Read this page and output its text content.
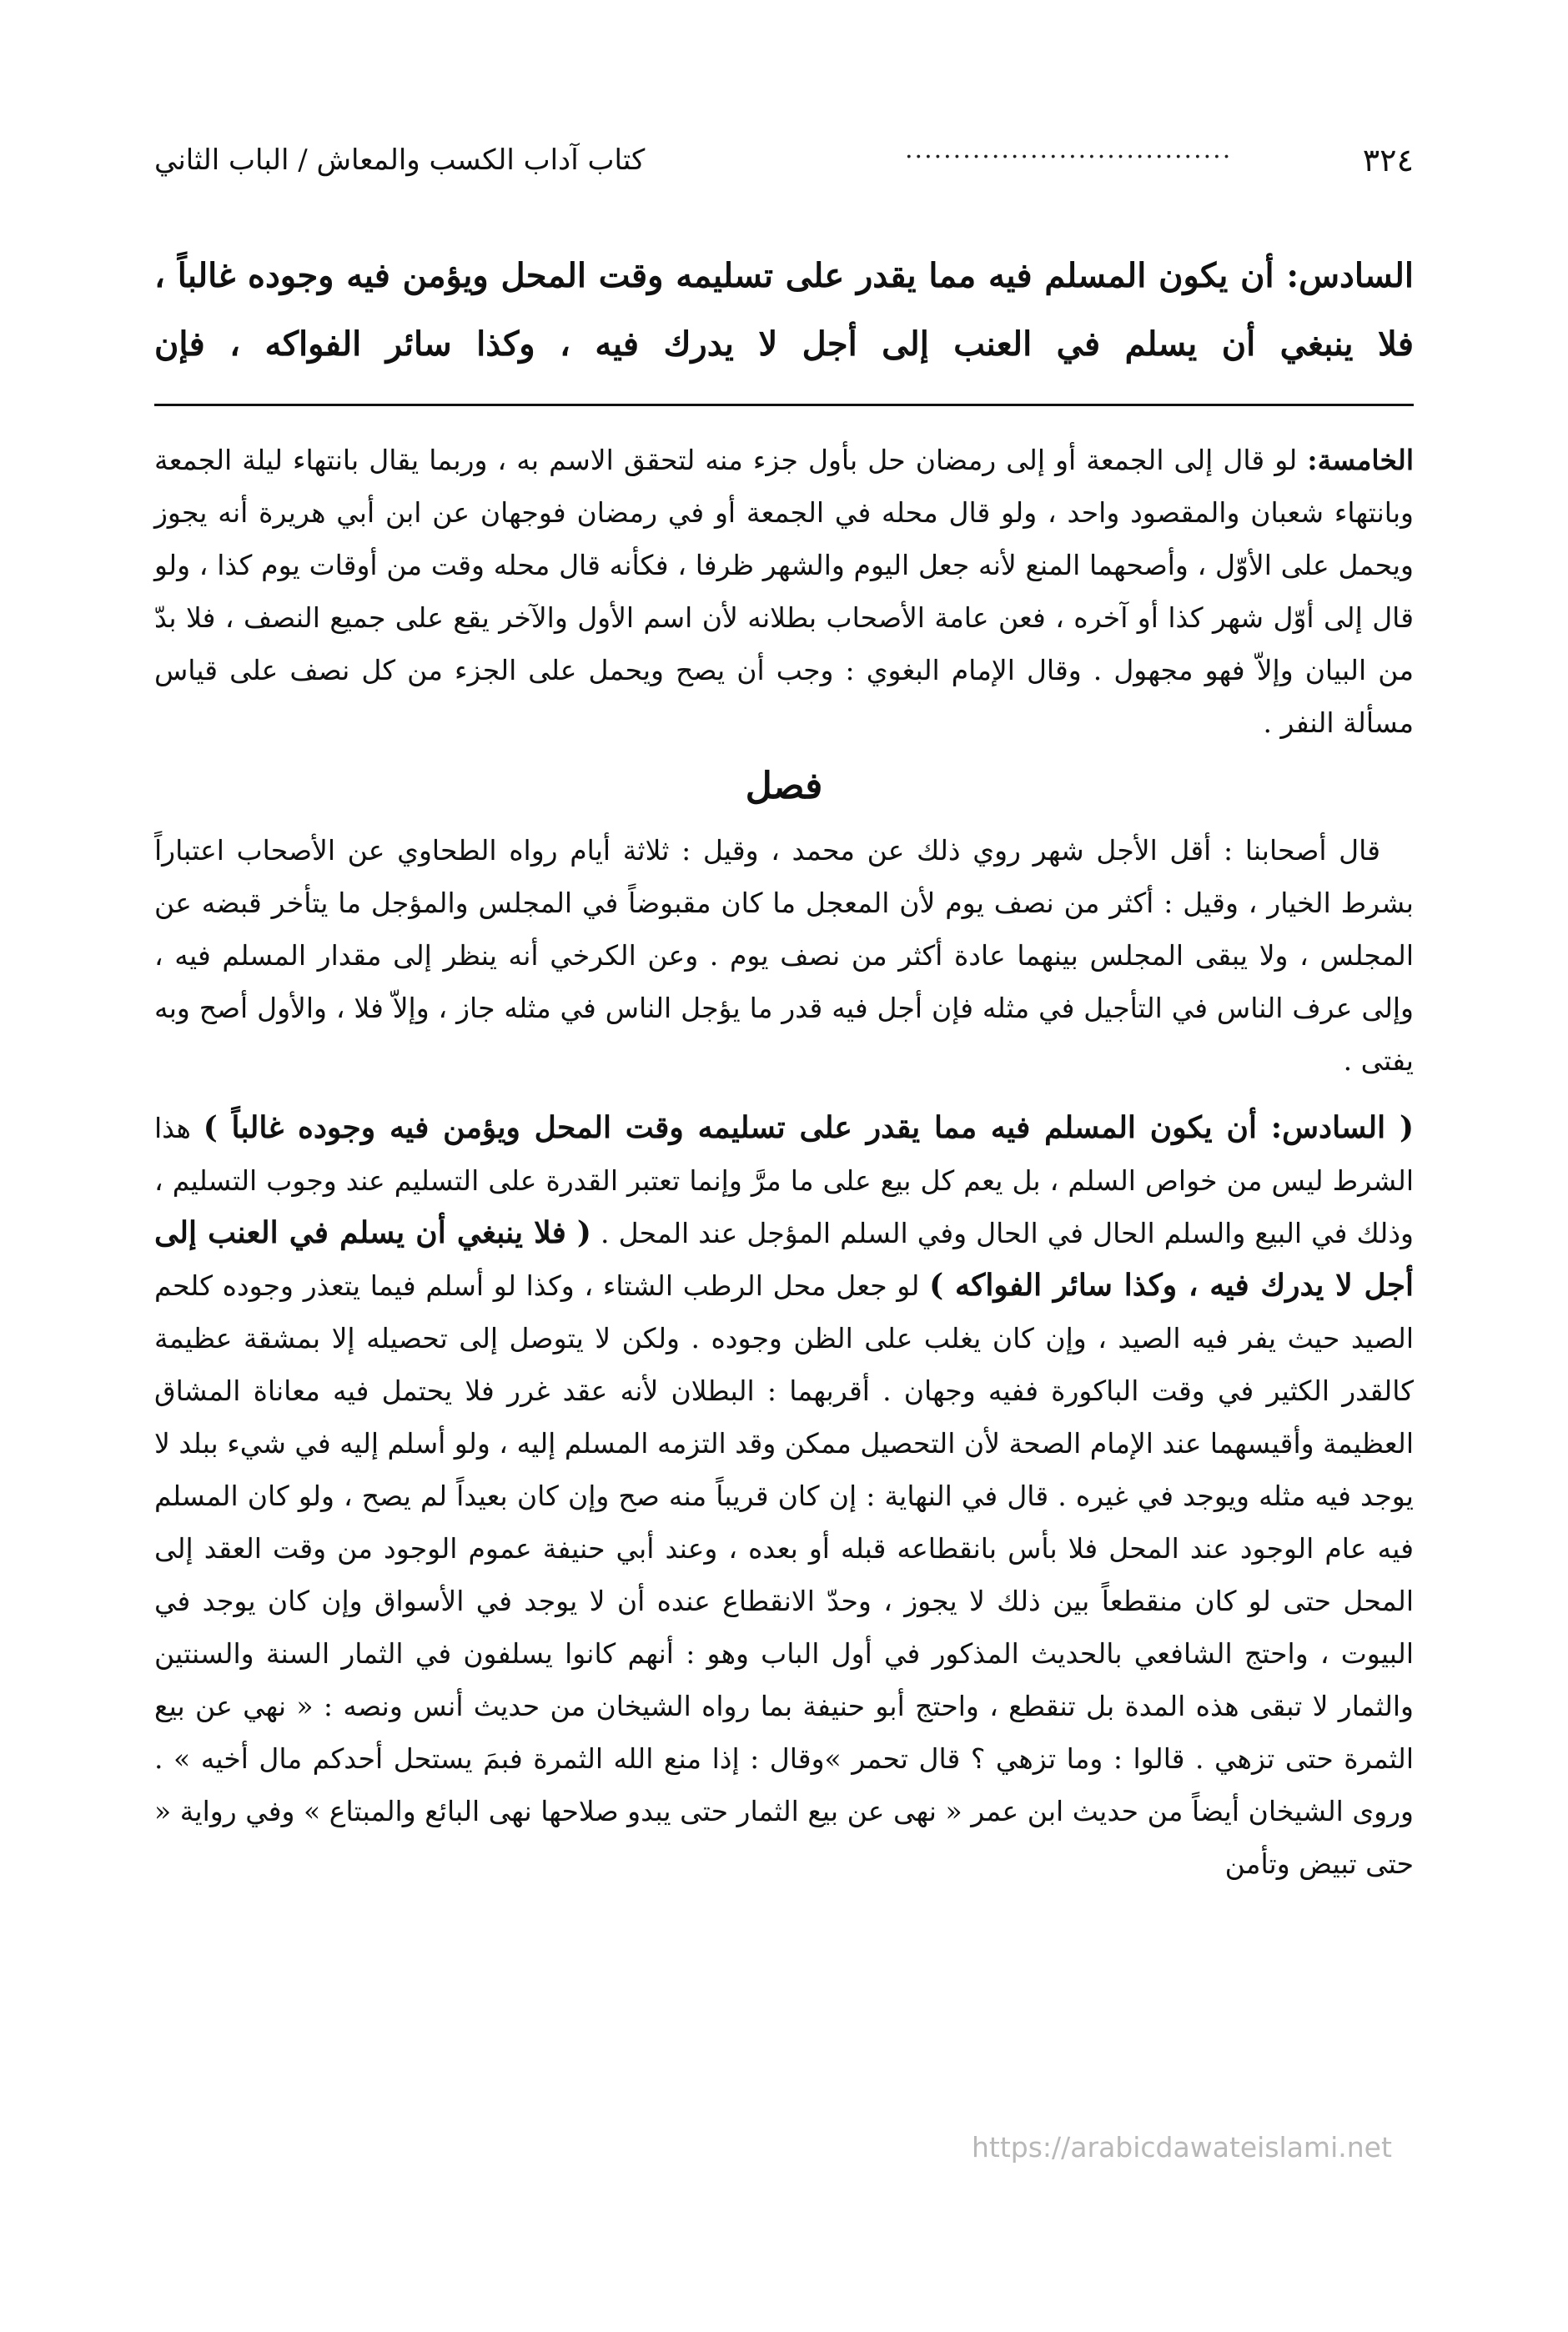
٣٢٤
..................................
كتاب آداب الكسب والمعاش / الباب الثاني

السادس: أن يكون المسلم فيه مما يقدر على تسليمه وقت المحل ويؤمن فيه وجوده غالباً ، فلا ينبغي أن يسلم في العنب إلى أجل لا يدرك فيه ، وكذا سائر الفواكه ، فإن

الخامسة: لو قال إلى الجمعة أو إلى رمضان حل بأول جزء منه لتحقق الاسم به ، وربما يقال بانتهاء ليلة الجمعة وبانتهاء شعبان والمقصود واحد ، ولو قال محله في الجمعة أو في رمضان فوجهان عن ابن أبي هريرة أنه يجوز ويحمل على الأوّل ، وأصحهما المنع لأنه جعل اليوم والشهر ظرفا ، فكأنه قال محله وقت من أوقات يوم كذا ، ولو قال إلى أوّل شهر كذا أو آخره ، فعن عامة الأصحاب بطلانه لأن اسم الأول والآخر يقع على جميع النصف ، فلا بدّ من البيان وإلاّ فهو مجهول . وقال الإمام البغوي : وجب أن يصح ويحمل على الجزء من كل نصف على قياس مسألة النفر .

فصل

قال أصحابنا : أقل الأجل شهر روي ذلك عن محمد ، وقيل : ثلاثة أيام رواه الطحاوي عن الأصحاب اعتباراً بشرط الخيار ، وقيل : أكثر من نصف يوم لأن المعجل ما كان مقبوضاً في المجلس والمؤجل ما يتأخر قبضه عن المجلس ، ولا يبقى المجلس بينهما عادة أكثر من نصف يوم . وعن الكرخي أنه ينظر إلى مقدار المسلم فيه ، وإلى عرف الناس في التأجيل في مثله فإن أجل فيه قدر ما يؤجل الناس في مثله جاز ، وإلاّ فلا ، والأول أصح وبه يفتى .

( السادس: أن يكون المسلم فيه مما يقدر على تسليمه وقت المحل ويؤمن فيه وجوده غالباً ) هذا الشرط ليس من خواص السلم ، بل يعم كل بيع على ما مرَّ وإنما تعتبر القدرة على التسليم عند وجوب التسليم ، وذلك في البيع والسلم الحال في الحال وفي السلم المؤجل عند المحل . ( فلا ينبغي أن يسلم في العنب إلى أجل لا يدرك فيه ، وكذا سائر الفواكه ) لو جعل محل الرطب الشتاء ، وكذا لو أسلم فيما يتعذر وجوده كلحم الصيد حيث يفر فيه الصيد ، وإن كان يغلب على الظن وجوده . ولكن لا يتوصل إلى تحصيله إلا بمشقة عظيمة كالقدر الكثير في وقت الباكورة ففيه وجهان . أقربهما : البطلان لأنه عقد غرر فلا يحتمل فيه معاناة المشاق العظيمة وأقيسهما عند الإمام الصحة لأن التحصيل ممكن وقد التزمه المسلم إليه ، ولو أسلم إليه في شيء ببلد لا يوجد فيه مثله ويوجد في غيره . قال في النهاية : إن كان قريباً منه صح وإن كان بعيداً لم يصح ، ولو كان المسلم فيه عام الوجود عند المحل فلا بأس بانقطاعه قبله أو بعده ، وعند أبي حنيفة عموم الوجود من وقت العقد إلى المحل حتى لو كان منقطعاً بين ذلك لا يجوز ، وحدّ الانقطاع عنده أن لا يوجد في الأسواق وإن كان يوجد في البيوت ، واحتج الشافعي بالحديث المذكور في أول الباب وهو : أنهم كانوا يسلفون في الثمار السنة والسنتين والثمار لا تبقى هذه المدة بل تنقطع ، واحتج أبو حنيفة بما رواه الشيخان من حديث أنس ونصه : « نهي عن بيع الثمرة حتى تزهي . قالوا : وما تزهي ؟ قال تحمر »وقال : إذا منع الله الثمرة فبمَ يستحل أحدكم مال أخيه » . وروى الشيخان أيضاً من حديث ابن عمر « نهى عن بيع الثمار حتى يبدو صلاحها نهى البائع والمبتاع » وفي رواية « حتى تبيض وتأمن

https://arabicdawateislami.net
